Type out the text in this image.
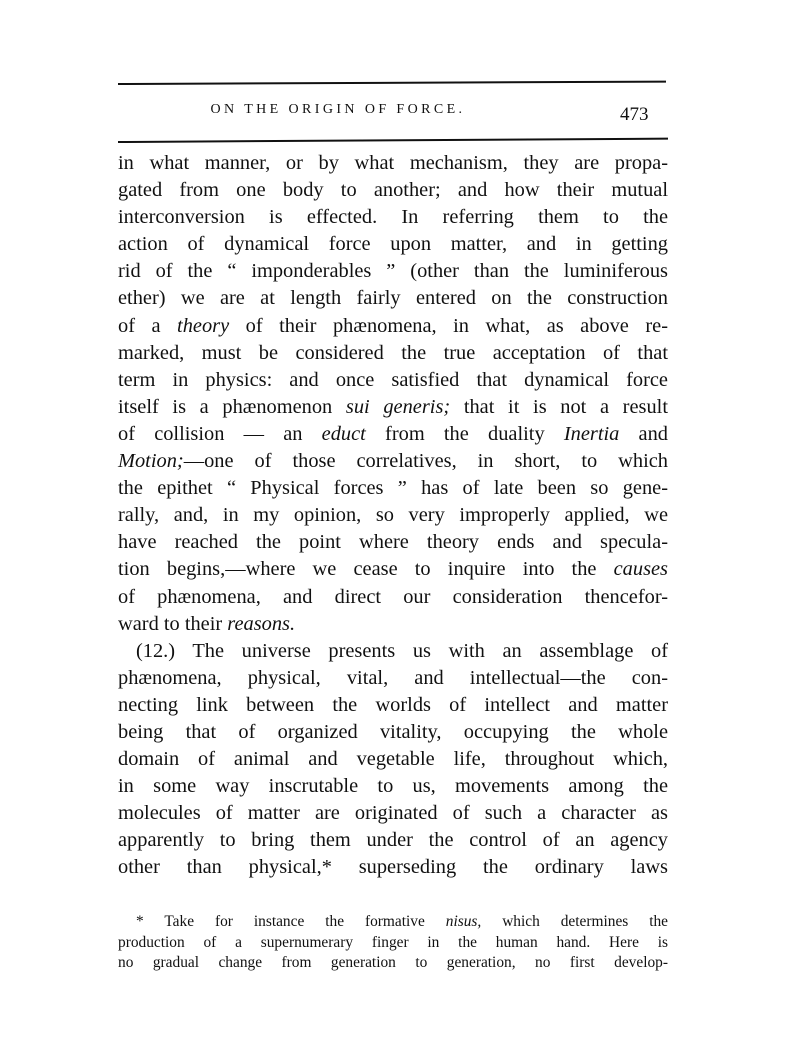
ON THE ORIGIN OF FORCE.	473
in what manner, or by what mechanism, they are propa-
gated from one body to another; and how their mutual
interconversion is effected. In referring them to the
action of dynamical force upon matter, and in getting
rid of the “ imponderables ” (other than the luminiferous
ether) we are at length fairly entered on the construction
of a theory of their phænomena, in what, as above re-
marked, must be considered the true acceptation of that
term in physics: and once satisfied that dynamical force
itself is a phænomenon sui generis; that it is not a result
of collision — an educt from the duality Inertia and
Motion;—one of those correlatives, in short, to which
the epithet “ Physical forces ” has of late been so gene-
rally, and, in my opinion, so very improperly applied, we
have reached the point where theory ends and specula-
tion begins,—where we cease to inquire into the causes
of phænomena, and direct our consideration thencefor-
ward to their reasons.
(12.) The universe presents us with an assemblage of
phænomena, physical, vital, and intellectual—the con-
necting link between the worlds of intellect and matter
being that of organized vitality, occupying the whole
domain of animal and vegetable life, throughout which,
in some way inscrutable to us, movements among the
molecules of matter are originated of such a character as
apparently to bring them under the control of an agency
other than physical,* superseding the ordinary laws
* Take for instance the formative nisus, which determines the
production of a supernumerary finger in the human hand. Here is
no gradual change from generation to generation, no first develop-
